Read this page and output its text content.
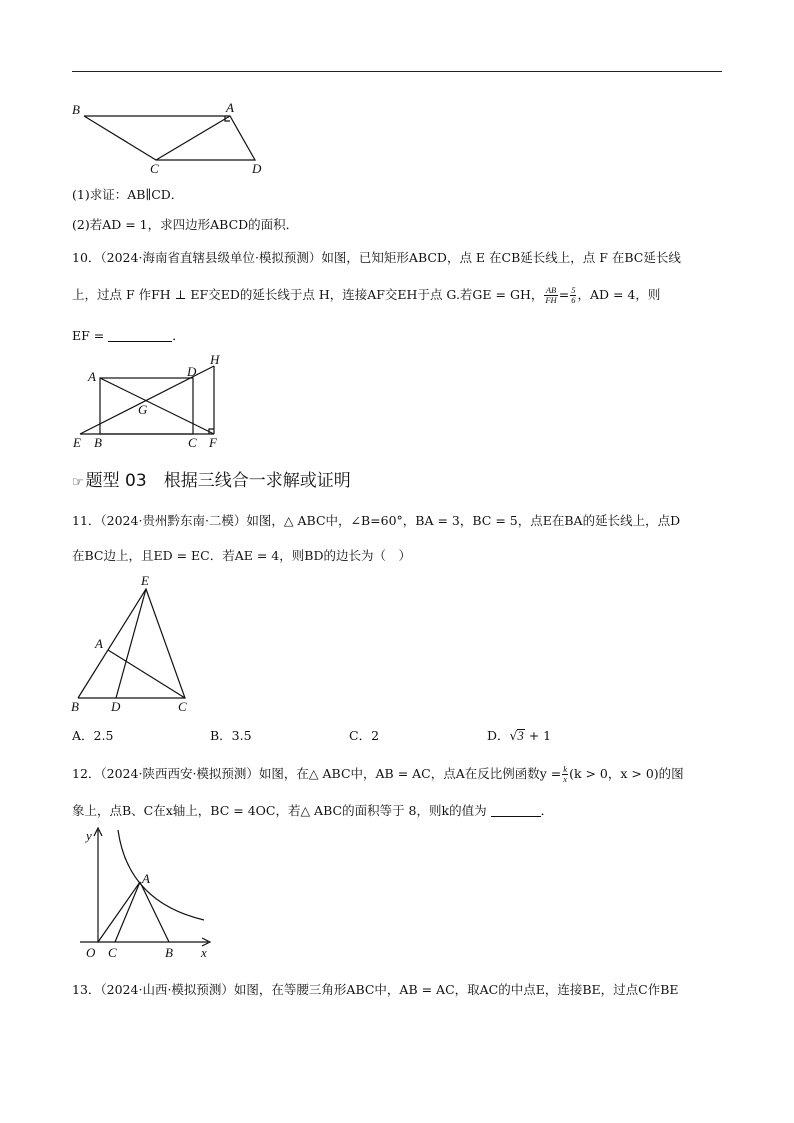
B	A
C	D
(1)求证：AB∥CD．
(2)若AD = 1，求四边形ABCD的面积．
10．（2024·海南省直辖县级单位·模拟预测）如图，已知矩形ABCD，点 E 在CB延长线上，点 F 在BC延长线
上，过点 F 作FH ⊥ EF交ED的延长线于点 H，连接AF交EH于点 G.若GE = GH， $\frac{AB}{FH} = \frac{5}{6}$ ，AD = 4，则
EF =	．
A	D
H
G
E B	C F
☞ 题型 03　根据三线合一求解或证明
11．（2024·贵州黔东南·二模）如图，△ ABC中，∠B=60°，BA = 3，BC = 5，点E在BA的延长线上，点D
在BC边上，且ED = EC．若AE = 4，则BD的边长为（　）
E
A
B D	C
A．2.5	B．3.5	C．2	D．√3 + 1
12．（2024·陕西西安·模拟预测）如图，在△ ABC中，AB = AC，点A在反比例函数$y = \frac{k}{x} (k > 0$，x > 0)的图
象上，点B、C在x轴上，BC = 4OC，若△ ABC的面积等于 8，则k的值为	．
y
A
O C	B x
13．（2024·山西·模拟预测）如图，在等腰三角形ABC中，AB = AC，取AC的中点E，连接BE，过点C作BE
